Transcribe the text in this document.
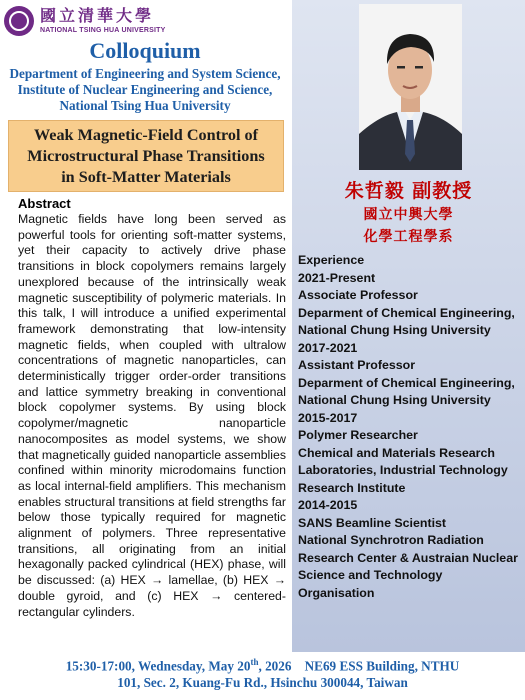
國立清華大學
NATIONAL TSING HUA UNIVERSITY
Colloquium
Department of Engineering and System Science,
Institute of Nuclear Engineering and Science,
National Tsing Hua University
Weak Magnetic-Field Control of
Microstructural Phase Transitions
in Soft-Matter Materials
Abstract
Magnetic fields have long been served as powerful tools for orienting soft-matter systems, yet their capacity to actively drive phase transitions in block copolymers remains largely unexplored because of the intrinsically weak magnetic susceptibility of polymeric materials. In this talk, I will introduce a unified experimental framework demonstrating that low-intensity magnetic fields, when coupled with ultralow concentrations of magnetic nanoparticles, can deterministically trigger order-order transitions and lattice symmetry breaking in conventional block copolymer systems. By using block copolymer/magnetic nanoparticle nanocomposites as model systems, we show that magnetically guided nanoparticle assemblies confined within minority microdomains function as local internal-field amplifiers. This mechanism enables structural transitions at field strengths far below those typically required for magnetic alignment of polymers. Three representative transitions, all originating from an initial hexagonally packed cylindrical (HEX) phase, will be discussed: (a) HEX → lamellae, (b) HEX → double gyroid, and (c) HEX → centered-rectangular cylinders.
朱哲毅 副教授
國立中興大學
化學工程學系
Experience
2021-Present
Associate Professor
Deparment of Chemical Engineering,
National Chung Hsing University
2017-2021
Assistant Professor
Deparment of Chemical Engineering,
National Chung Hsing University
2015-2017
Polymer Researcher
Chemical and Materials Research
Laboratories, Industrial Technology
Research Institute
2014-2015
SANS Beamline Scientist
National Synchrotron Radiation
Research Center & Austraian Nuclear
Science and Technology
Organisation
15:30-17:00, Wednesday, May 20th, 2026 NE69 ESS Building, NTHU
101, Sec. 2, Kuang-Fu Rd., Hsinchu 300044, Taiwan
